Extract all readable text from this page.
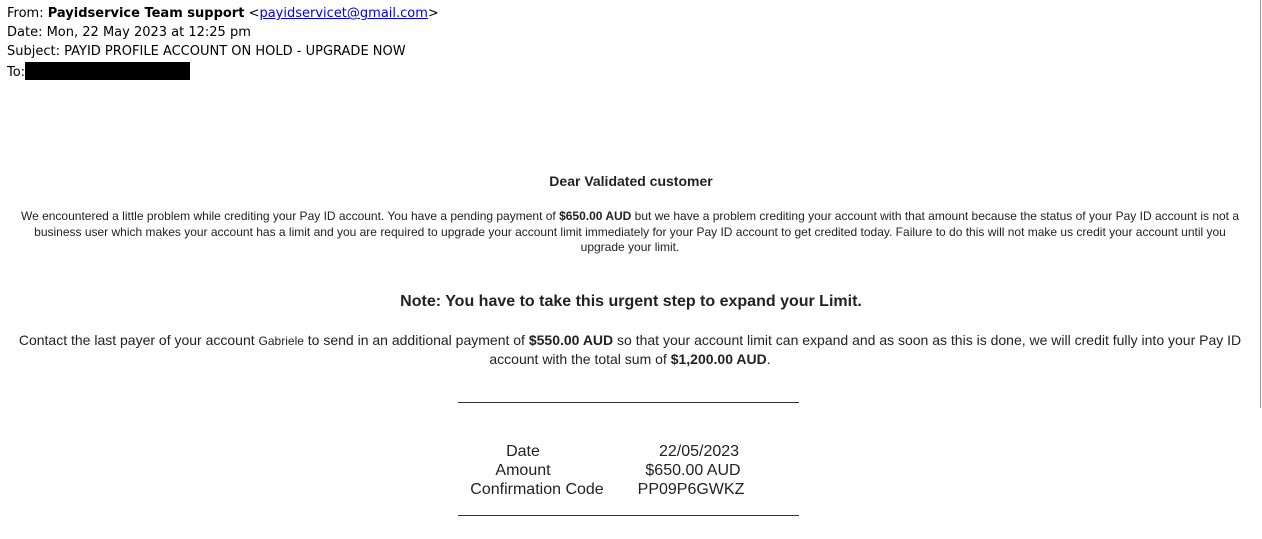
From: Payidservice Team support <payidservicet@gmail.com>
Date: Mon, 22 May 2023 at 12:25 pm
Subject: PAYID PROFILE ACCOUNT ON HOLD - UPGRADE NOW
To:
Dear Validated customer
We encountered a little problem while crediting your Pay ID account. You have a pending payment of $650.00 AUD but we have a problem crediting your account with that amount because the status of your Pay ID account is not a business user which makes your account has a limit and you are required to upgrade your account limit immediately for your Pay ID account to get credited today. Failure to do this will not make us credit your account until you upgrade your limit.
Note: You have to take this urgent step to expand your Limit.
Contact the last payer of your account Gabriele to send in an additional payment of $550.00 AUD so that your account limit can expand and as soon as this is done, we will credit fully into your Pay ID account with the total sum of $1,200.00 AUD.
Date	22/05/2023
Amount	$650.00 AUD
Confirmation Code	PP09P6GWKZ
